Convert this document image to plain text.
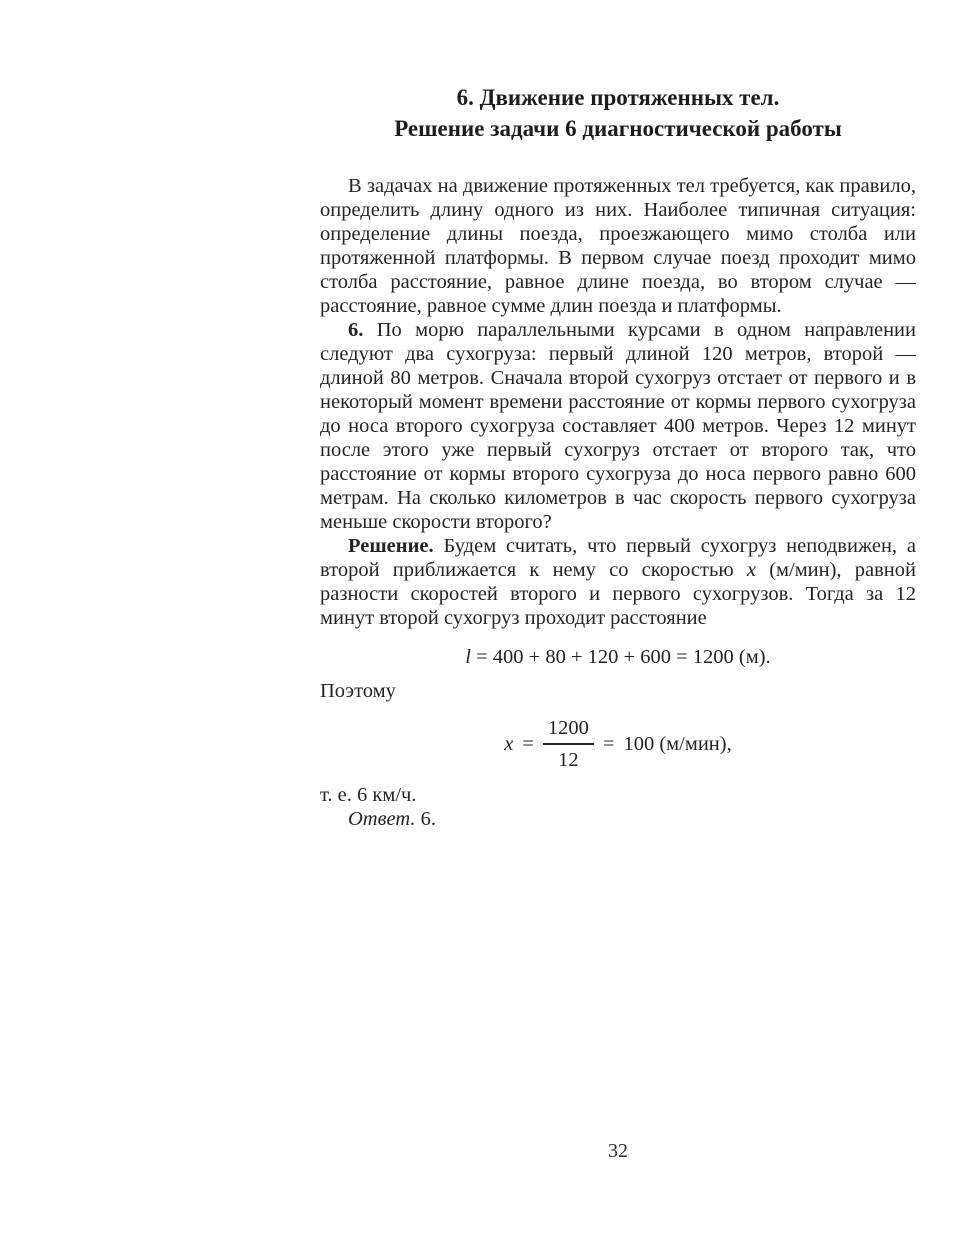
6. Движение протяженных тел.
Решение задачи 6 диагностической работы

В задачах на движение протяженных тел требуется, как правило, определить длину одного из них. Наиболее типичная ситуация: определение длины поезда, проезжающего мимо столба или протяженной платформы. В первом случае поезд проходит мимо столба расстояние, равное длине поезда, во втором случае — расстояние, равное сумме длин поезда и платформы.

6. По морю параллельными курсами в одном направлении следуют два сухогруза: первый длиной 120 метров, второй — длиной 80 метров. Сначала второй сухогруз отстает от первого и в некоторый момент времени расстояние от кормы первого сухогруза до носа второго сухогруза составляет 400 метров. Через 12 минут после этого уже первый сухогруз отстает от второго так, что расстояние от кормы второго сухогруза до носа первого равно 600 метрам. На сколько километров в час скорость первого сухогруза меньше скорости второго?

Решение. Будем считать, что первый сухогруз неподвижен, а второй приближается к нему со скоростью x (м/мин), равной разности скоростей второго и первого сухогрузов. Тогда за 12 минут второй сухогруз проходит расстояние

l = 400 + 80 + 120 + 600 = 1200 (м).

Поэтому

$x = \frac{1200}{12} = 100$ (м/мин),

т. е. 6 км/ч.

Ответ. 6.

32
